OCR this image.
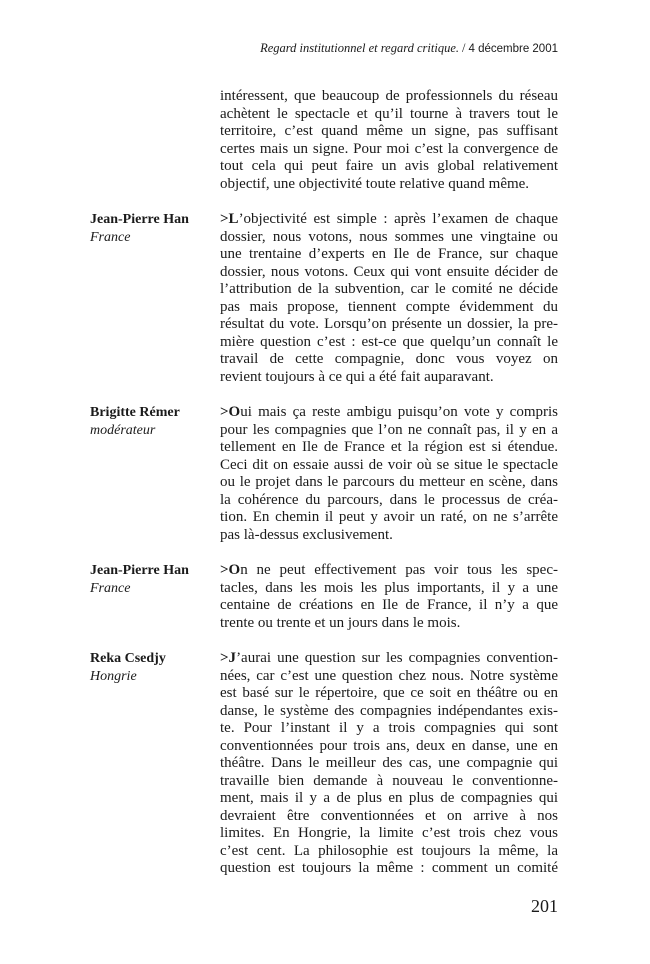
Regard institutionnel et regard critique. / 4 décembre 2001
intéressent, que beaucoup de professionnels du réseau
achètent le spectacle et qu’il tourne à travers tout le
territoire, c’est quand même un signe, pas suffisant
certes mais un signe. Pour moi c’est la convergence de
tout cela qui peut faire un avis global relativement
objectif, une objectivité toute relative quand même.
Jean-Pierre Han
France
>L’objectivité est simple : après l’examen de chaque
dossier, nous votons, nous sommes une vingtaine ou
une trentaine d’experts en Ile de France, sur chaque
dossier, nous votons. Ceux qui vont ensuite décider de
l’attribution de la subvention, car le comité ne décide
pas mais propose, tiennent compte évidemment du
résultat du vote. Lorsqu’on présente un dossier, la pre-
mière question c’est : est-ce que quelqu’un connaît le
travail de cette compagnie, donc vous voyez on
revient toujours à ce qui a été fait auparavant.
Brigitte Rémer
modérateur
>Oui mais ça reste ambigu puisqu’on vote y compris
pour les compagnies que l’on ne connaît pas, il y en a
tellement en Ile de France et la région est si étendue.
Ceci dit on essaie aussi de voir où se situe le spectacle
ou le projet dans le parcours du metteur en scène, dans
la cohérence du parcours, dans le processus de créa-
tion. En chemin il peut y avoir un raté, on ne s’arrête
pas là-dessus exclusivement.
Jean-Pierre Han
France
>On ne peut effectivement pas voir tous les spec-
tacles, dans les mois les plus importants, il y a une
centaine de créations en Ile de France, il n’y a que
trente ou trente et un jours dans le mois.
Reka Csedjy
Hongrie
>J’aurai une question sur les compagnies convention-
nées, car c’est une question chez nous. Notre système
est basé sur le répertoire, que ce soit en théâtre ou en
danse, le système des compagnies indépendantes exis-
te. Pour l’instant il y a trois compagnies qui sont
conventionnées pour trois ans, deux en danse, une en
théâtre. Dans le meilleur des cas, une compagnie qui
travaille bien demande à nouveau le conventionne-
ment, mais il y a de plus en plus de compagnies qui
devraient être conventionnées et on arrive à nos
limites. En Hongrie, la limite c’est trois chez vous
c’est cent. La philosophie est toujours la même, la
question est toujours la même : comment un comité
201
